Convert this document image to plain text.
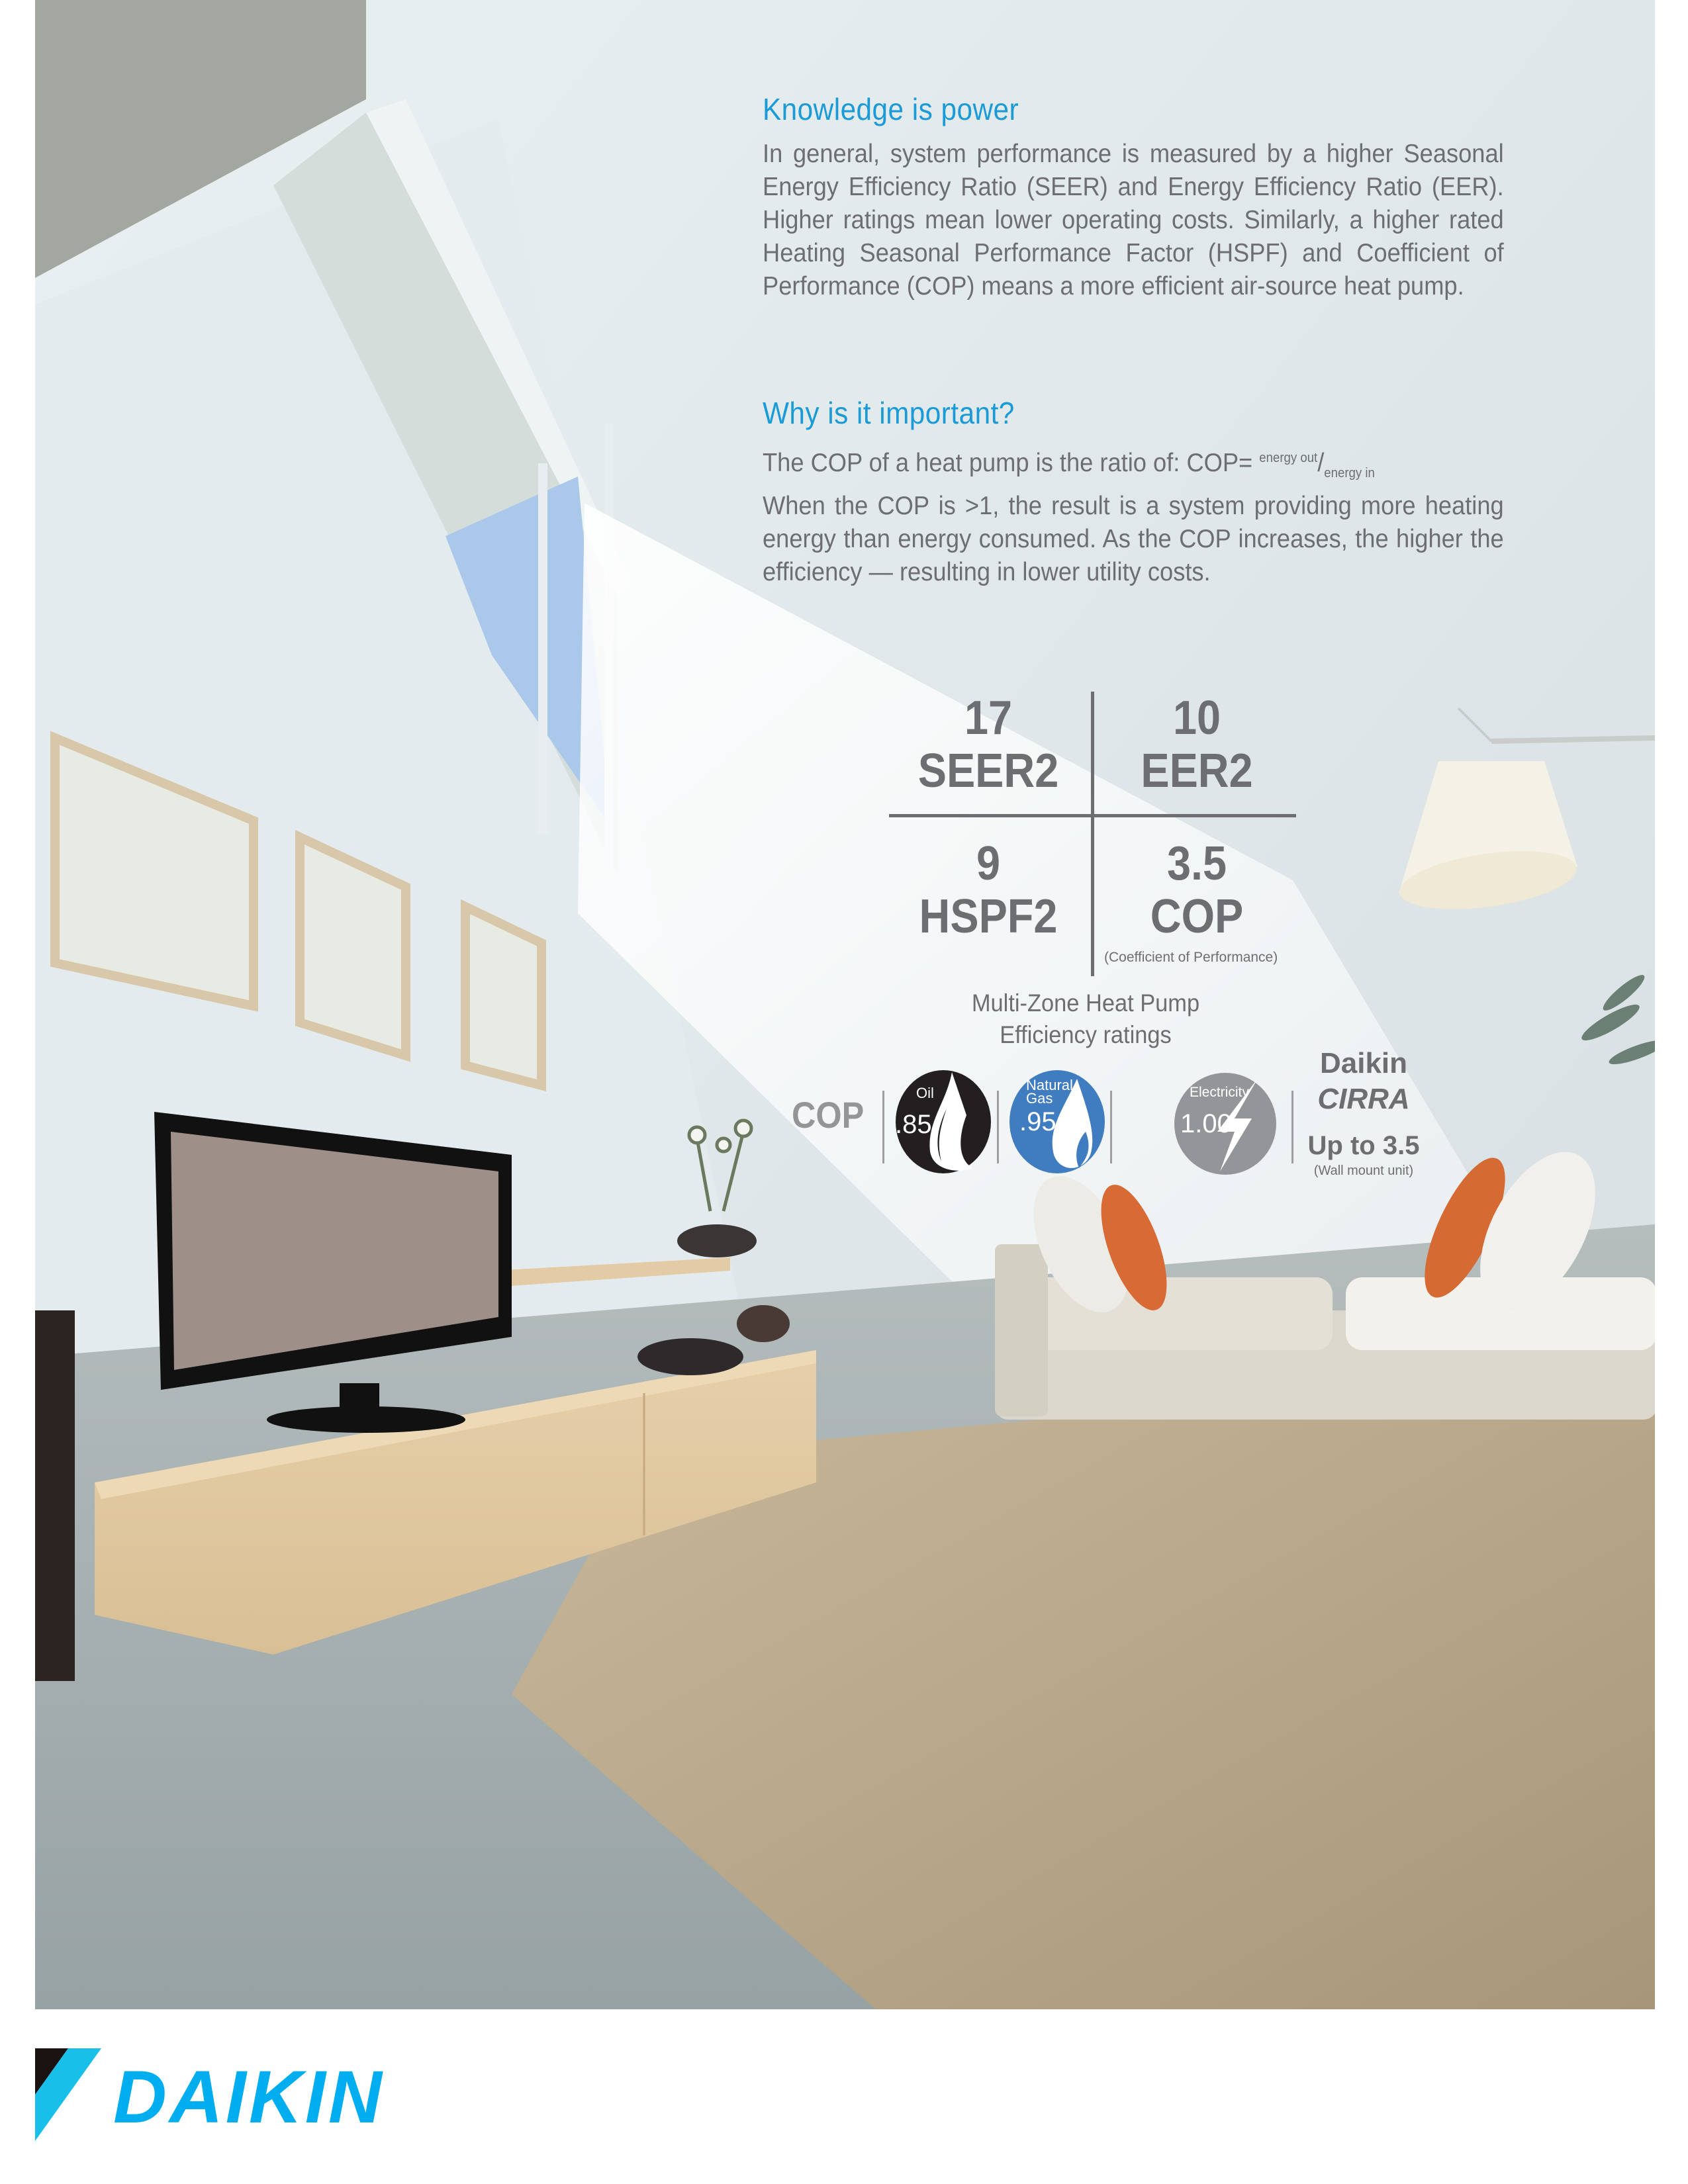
Knowledge is power

In general, system performance is measured by a higher Seasonal Energy Efficiency Ratio (SEER) and Energy Efficiency Ratio (EER). Higher ratings mean lower operating costs. Similarly, a higher rated Heating Seasonal Performance Factor (HSPF) and Coefficient of Performance (COP) means a more efficient air-source heat pump.

Why is it important?

The COP of a heat pump is the ratio of: $COP= ^{energy out}/_{energy in}$

When the COP is >1, the result is a system providing more heating energy than energy consumed. As the COP increases, the higher the efficiency — resulting in lower utility costs.

17
SEER2
10
EER2
9
HSPF2
3.5
COP
(Coefficient of Performance)
Multi-Zone Heat Pump
Efficiency ratings
COP
Oil
.85
Natural
Gas
.95
Electricity
1.00
Daikin
CIRRA
Up to 3.5
(Wall mount unit)
DAIKIN
